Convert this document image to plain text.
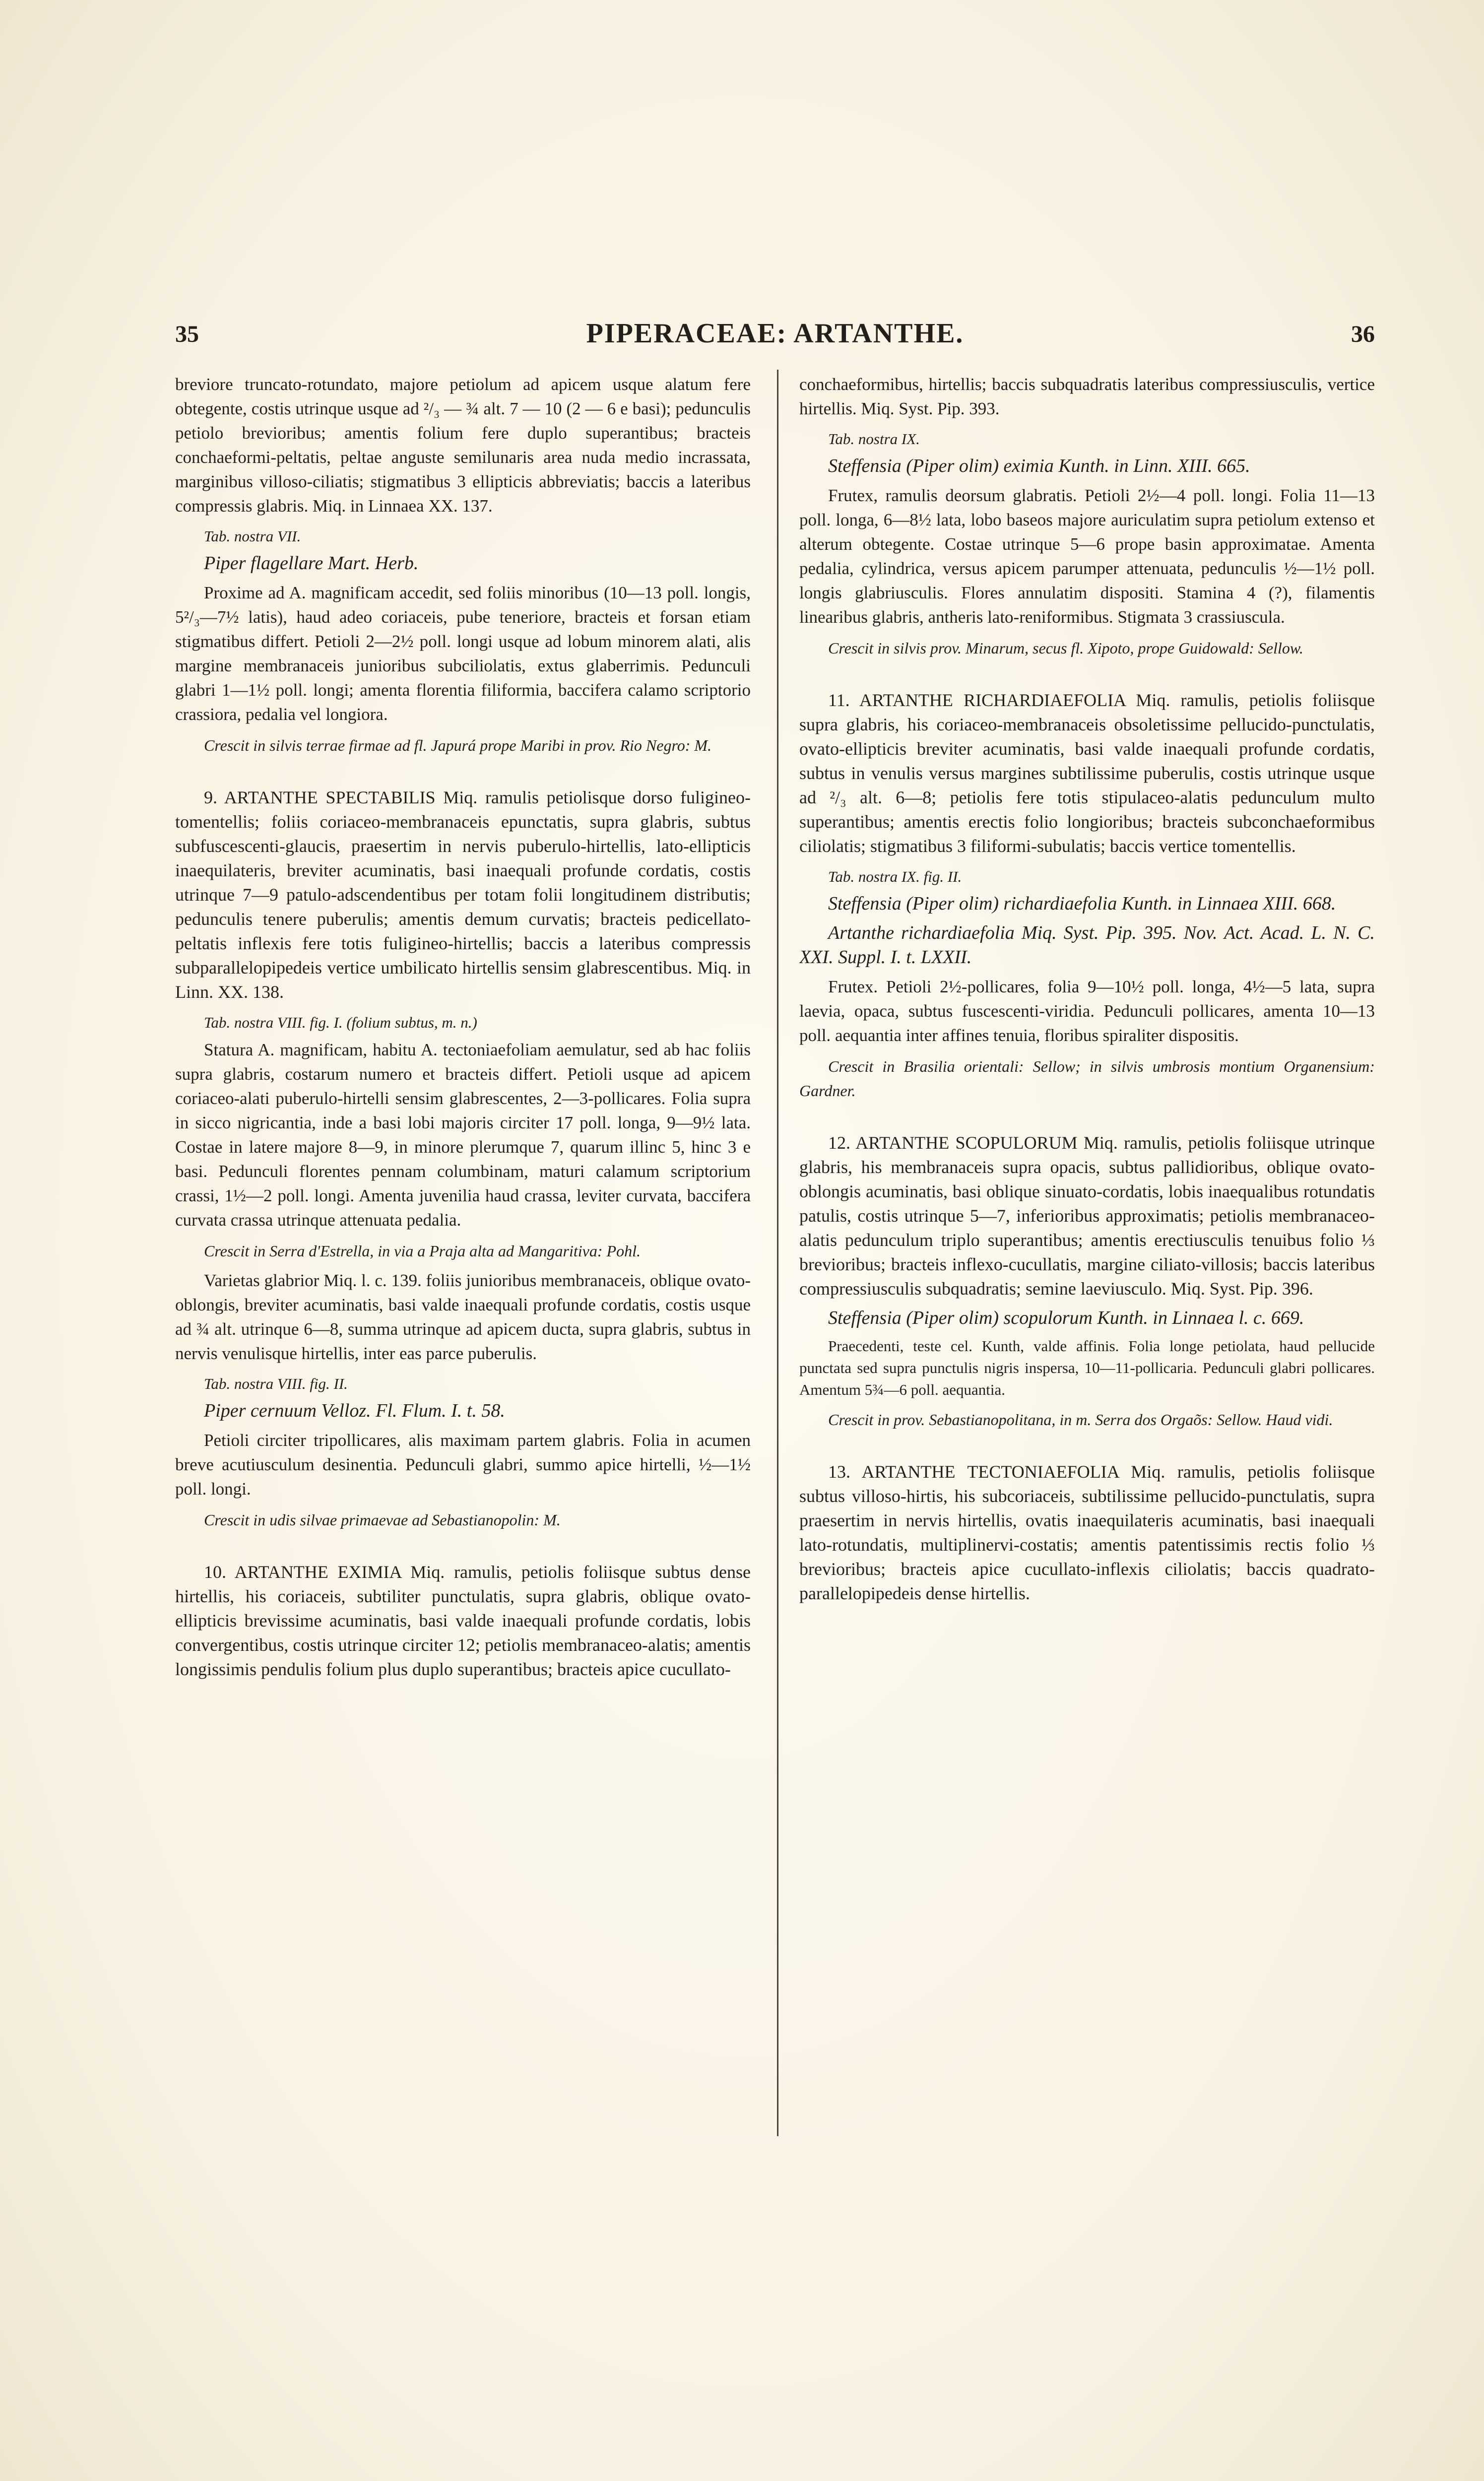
35	PIPERACEAE: ARTANTHE.	36

breviore truncato-rotundato, majore petiolum ad apicem usque alatum fere obtegente, costis utrinque usque ad ²/₃ — ¾ alt. 7 — 10 (2 — 6 e basi); pedunculis petiolo brevioribus; amentis folium fere duplo superantibus; bracteis conchaeformi-peltatis, peltae anguste semilunaris area nuda medio incrassata, marginibus villoso-ciliatis; stigmatibus 3 ellipticis abbreviatis; baccis a lateribus compressis glabris. Miq. in Linnaea XX. 137.

Tab. nostra VII.

Piper flagellare Mart. Herb.

Proxime ad A. magnificam accedit, sed foliis minoribus (10—13 poll. longis, 5²/₃—7½ latis), haud adeo coriaceis, pube teneriore, bracteis et forsan etiam stigmatibus differt. Petioli 2—2½ poll. longi usque ad lobum minorem alati, alis margine membranaceis junioribus subciliolatis, extus glaberrimis. Pedunculi glabri 1—1½ poll. longi; amenta florentia filiformia, baccifera calamo scriptorio crassiora, pedalia vel longiora.

Crescit in silvis terrae firmae ad fl. Japurá prope Maribi in prov. Rio Negro: M.

9. ARTANTHE SPECTABILIS Miq. ramulis petiolisque dorso fuligineo-tomentellis; foliis coriaceo-membranaceis epunctatis, supra glabris, subtus subfuscescenti-glaucis, praesertim in nervis puberulo-hirtellis, lato-ellipticis inaequilateris, breviter acuminatis, basi inaequali profunde cordatis, costis utrinque 7—9 patulo-adscendentibus per totam folii longitudinem distributis; pedunculis tenere puberulis; amentis demum curvatis; bracteis pedicellato-peltatis inflexis fere totis fuligineo-hirtellis; baccis a lateribus compressis subparallelopipedeis vertice umbilicato hirtellis sensim glabrescentibus. Miq. in Linn. XX. 138.

Tab. nostra VIII. fig. I. (folium subtus, m. n.)

Statura A. magnificam, habitu A. tectoniaefoliam aemulatur, sed ab hac foliis supra glabris, costarum numero et bracteis differt. Petioli usque ad apicem coriaceo-alati puberulo-hirtelli sensim glabrescentes, 2—3-pollicares. Folia supra in sicco nigricantia, inde a basi lobi majoris circiter 17 poll. longa, 9—9½ lata. Costae in latere majore 8—9, in minore plerumque 7, quarum illinc 5, hinc 3 e basi. Pedunculi florentes pennam columbinam, maturi calamum scriptorium crassi, 1½—2 poll. longi. Amenta juvenilia haud crassa, leviter curvata, baccifera curvata crassa utrinque attenuata pedalia.

Crescit in Serra d'Estrella, in via a Praja alta ad Mangaritiva: Pohl.

Varietas glabrior Miq. l. c. 139. foliis junioribus membranaceis, oblique ovato-oblongis, breviter acuminatis, basi valde inaequali profunde cordatis, costis usque ad ¾ alt. utrinque 6—8, summa utrinque ad apicem ducta, supra glabris, subtus in nervis venulisque hirtellis, inter eas parce puberulis.

Tab. nostra VIII. fig. II.

Piper cernuum Velloz. Fl. Flum. I. t. 58.

Petioli circiter tripollicares, alis maximam partem glabris. Folia in acumen breve acutiusculum desinentia. Pedunculi glabri, summo apice hirtelli, ½—1½ poll. longi.

Crescit in udis silvae primaevae ad Sebastianopolin: M.

10. ARTANTHE EXIMIA Miq. ramulis, petiolis foliisque subtus dense hirtellis, his coriaceis, subtiliter punctulatis, supra glabris, oblique ovato-ellipticis brevissime acuminatis, basi valde inaequali profunde cordatis, lobis convergentibus, costis utrinque circiter 12; petiolis membranaceo-alatis; amentis longissimis pendulis folium plus duplo superantibus; bracteis apice cucullato-

conchaeformibus, hirtellis; baccis subquadratis lateribus compressiusculis, vertice hirtellis. Miq. Syst. Pip. 393.

Tab. nostra IX.

Steffensia (Piper olim) eximia Kunth. in Linn. XIII. 665.

Frutex, ramulis deorsum glabratis. Petioli 2½—4 poll. longi. Folia 11—13 poll. longa, 6—8½ lata, lobo baseos majore auriculatim supra petiolum extenso et alterum obtegente. Costae utrinque 5—6 prope basin approximatae. Amenta pedalia, cylindrica, versus apicem parumper attenuata, pedunculis ½—1½ poll. longis glabriusculis. Flores annulatim dispositi. Stamina 4 (?), filamentis linearibus glabris, antheris lato-reniformibus. Stigmata 3 crassiuscula.

Crescit in silvis prov. Minarum, secus fl. Xipoto, prope Guidowald: Sellow.

11. ARTANTHE RICHARDIAEFOLIA Miq. ramulis, petiolis foliisque supra glabris, his coriaceo-membranaceis obsoletissime pellucido-punctulatis, ovato-ellipticis breviter acuminatis, basi valde inaequali profunde cordatis, subtus in venulis versus margines subtilissime puberulis, costis utrinque usque ad ²/₃ alt. 6—8; petiolis fere totis stipulaceo-alatis pedunculum multo superantibus; amentis erectis folio longioribus; bracteis subconchaeformibus ciliolatis; stigmatibus 3 filiformi-subulatis; baccis vertice tomentellis.

Tab. nostra IX. fig. II.

Steffensia (Piper olim) richardiaefolia Kunth. in Linnaea XIII. 668.

Artanthe richardiaefolia Miq. Syst. Pip. 395. Nov. Act. Acad. L. N. C. XXI. Suppl. I. t. LXXII.

Frutex. Petioli 2½-pollicares, folia 9—10½ poll. longa, 4½—5 lata, supra laevia, opaca, subtus fuscescenti-viridia. Pedunculi pollicares, amenta 10—13 poll. aequantia inter affines tenuia, floribus spiraliter dispositis.

Crescit in Brasilia orientali: Sellow; in silvis umbrosis montium Organensium: Gardner.

12. ARTANTHE SCOPULORUM Miq. ramulis, petiolis foliisque utrinque glabris, his membranaceis supra opacis, subtus pallidioribus, oblique ovato-oblongis acuminatis, basi oblique sinuato-cordatis, lobis inaequalibus rotundatis patulis, costis utrinque 5—7, inferioribus approximatis; petiolis membranaceo-alatis pedunculum triplo superantibus; amentis erectiusculis tenuibus folio ⅓ brevioribus; bracteis inflexo-cucullatis, margine ciliato-villosis; baccis lateribus compressiusculis subquadratis; semine laeviusculo. Miq. Syst. Pip. 396.

Steffensia (Piper olim) scopulorum Kunth. in Linnaea l. c. 669.

Praecedenti, teste cel. Kunth, valde affinis. Folia longe petiolata, haud pellucide punctata sed supra punctulis nigris inspersa, 10—11-pollicaria. Pedunculi glabri pollicares. Amentum 5¾—6 poll. aequantia.

Crescit in prov. Sebastianopolitana, in m. Serra dos Orgaõs: Sellow. Haud vidi.

13. ARTANTHE TECTONIAEFOLIA Miq. ramulis, petiolis foliisque subtus villoso-hirtis, his subcoriaceis, subtilissime pellucido-punctulatis, supra praesertim in nervis hirtellis, ovatis inaequilateris acuminatis, basi inaequali lato-rotundatis, multiplinervi-costatis; amentis patentissimis rectis folio ⅓ brevioribus; bracteis apice cucullato-inflexis ciliolatis; baccis quadrato-parallelopipedeis dense hirtellis.
